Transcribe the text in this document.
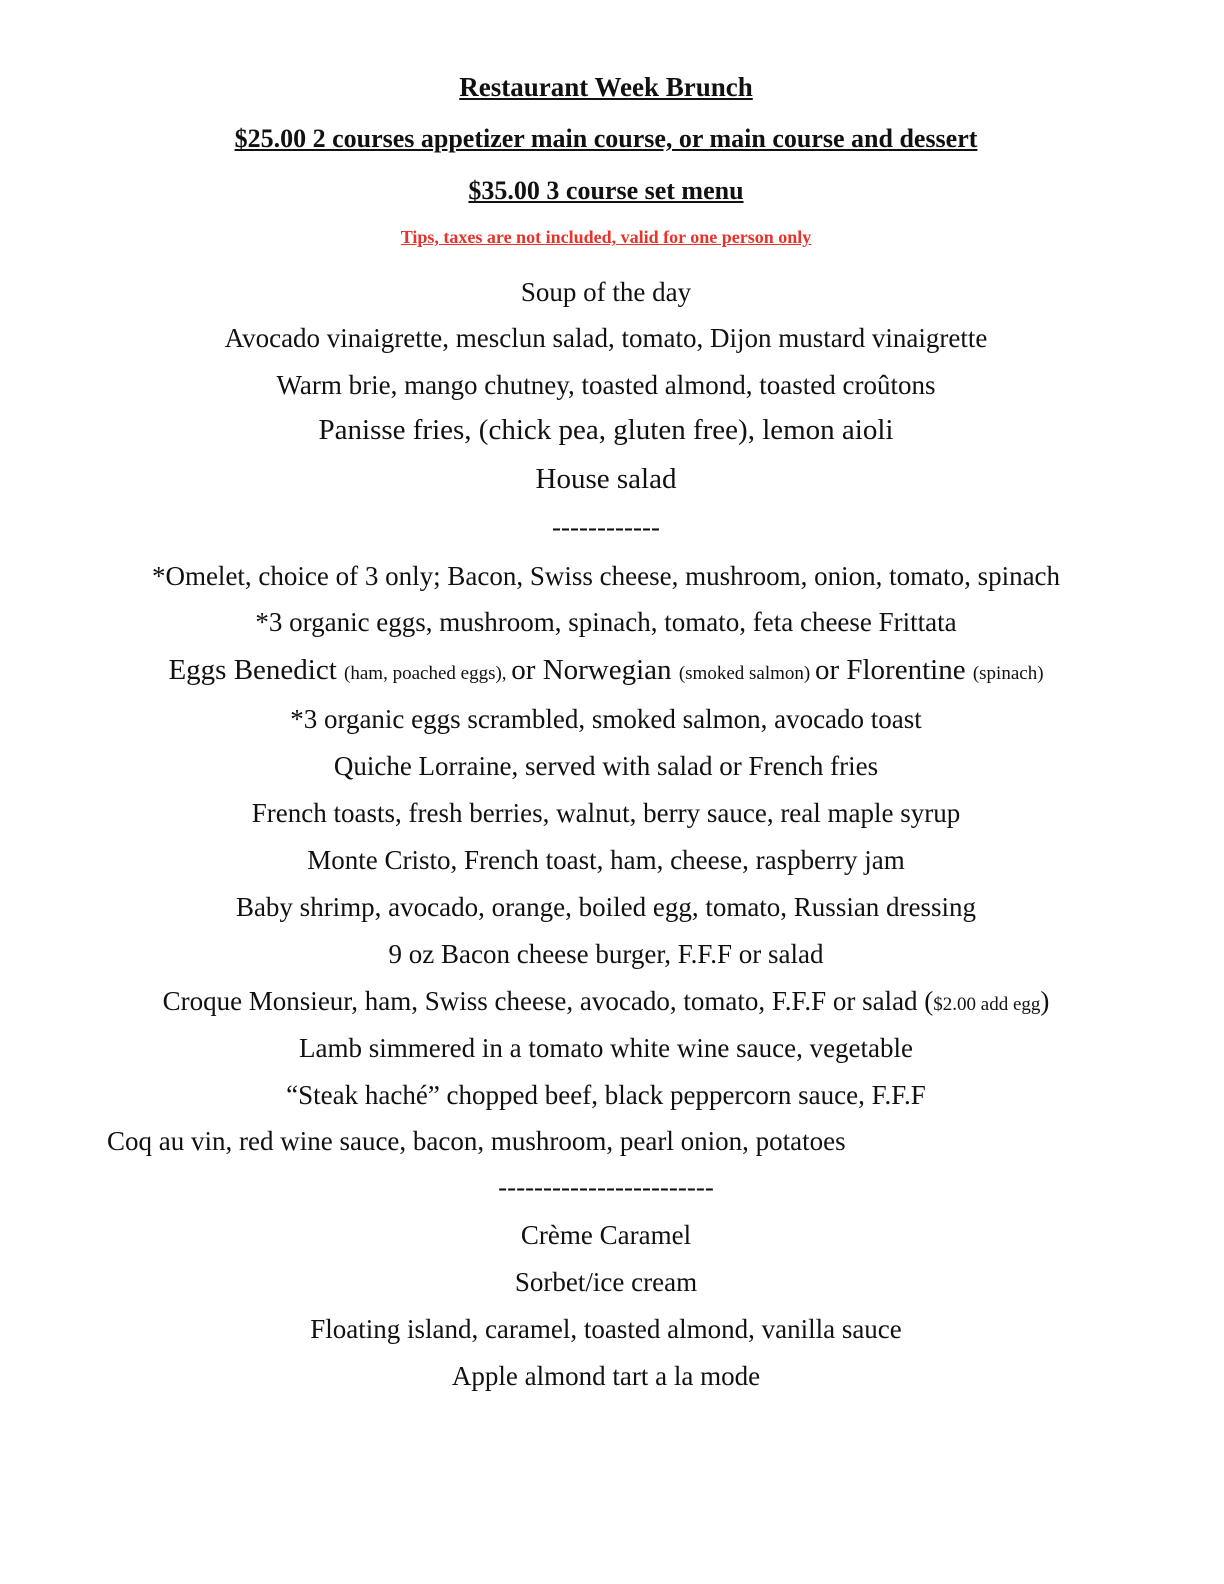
Restaurant Week Brunch
$25.00 2 courses appetizer main course, or main course and dessert
$35.00 3 course set menu
Tips, taxes are not included, valid for one person only
Soup of the day
Avocado vinaigrette, mesclun salad, tomato, Dijon mustard vinaigrette
Warm brie, mango chutney, toasted almond, toasted croûtons
Panisse fries, (chick pea, gluten free), lemon aioli
House salad
------------
*Omelet, choice of 3 only; Bacon, Swiss cheese, mushroom, onion, tomato, spinach
*3 organic eggs, mushroom, spinach, tomato, feta cheese Frittata
Eggs Benedict (ham, poached eggs), or Norwegian (smoked salmon) or Florentine (spinach)
*3 organic eggs scrambled, smoked salmon, avocado toast
Quiche Lorraine, served with salad or French fries
French toasts, fresh berries, walnut, berry sauce, real maple syrup
Monte Cristo, French toast, ham, cheese, raspberry jam
Baby shrimp, avocado, orange, boiled egg, tomato, Russian dressing
9 oz Bacon cheese burger, F.F.F or salad
Croque Monsieur, ham, Swiss cheese, avocado, tomato, F.F.F or salad ($2.00 add egg)
Lamb simmered in a tomato white wine sauce, vegetable
“Steak haché” chopped beef, black peppercorn sauce, F.F.F
Coq au vin, red wine sauce, bacon, mushroom, pearl onion, potatoes
------------------------
Crème Caramel
Sorbet/ice cream
Floating island, caramel, toasted almond, vanilla sauce
Apple almond tart a la mode
